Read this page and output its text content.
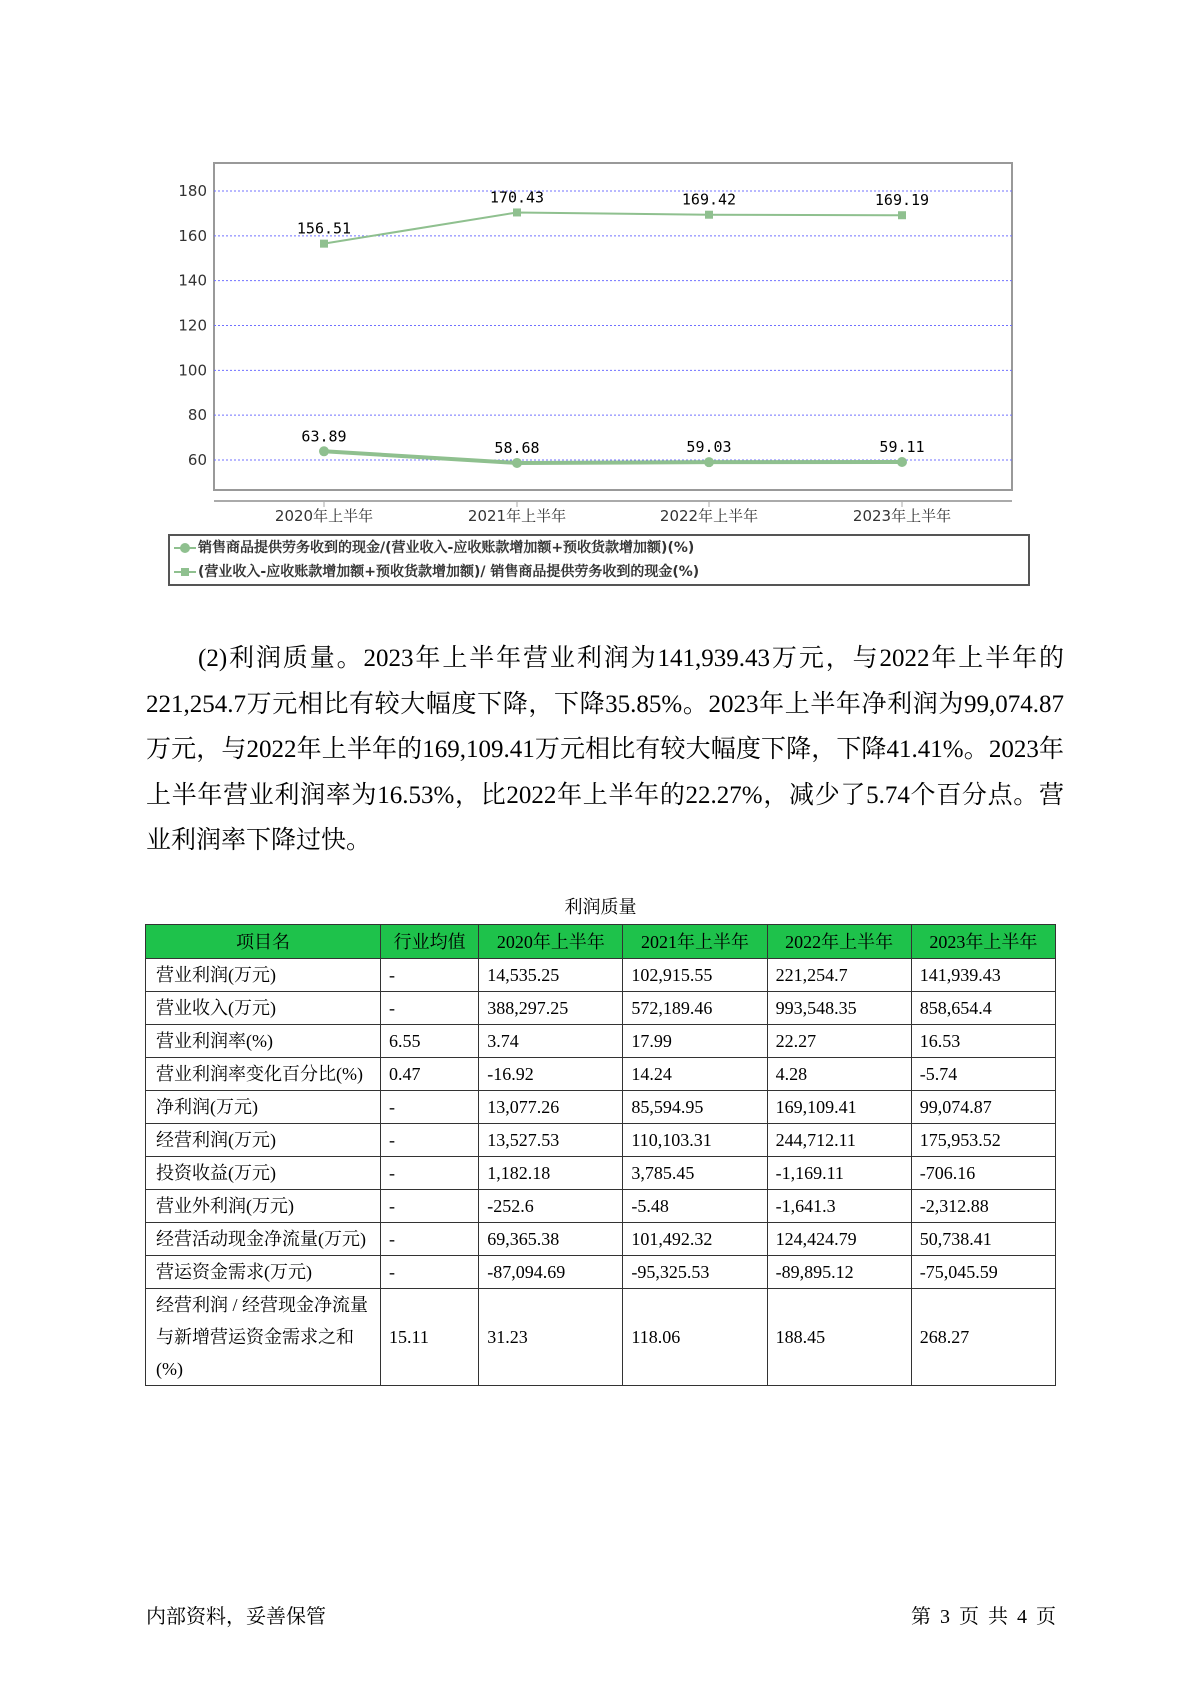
60
80
100
120
140
160
180
2020年上半年	2021年上半年	2022年上半年	2023年上半年
63.89
58.68	59.03	59.11
156.51
170.43	169.42	169.19
销售商品提供劳务收到的现金/(营业收入-应收账款增加额+预收货款增加额)(%)
(营业收入-应收账款增加额+预收货款增加额)/ 销售商品提供劳务收到的现金(%)
(2)利润质量。2023年上半年营业利润为141,939.43万元，与2022年上半年的221,254.7万元相比有较大幅度下降，下降35.85%。2023年上半年净利润为99,074.87万元，与2022年上半年的169,109.41万元相比有较大幅度下降，下降41.41%。2023年上半年营业利润率为16.53%，比2022年上半年的22.27%，减少了5.74个百分点。营业利润率下降过快。
利润质量
项目名	行业均值	2020年上半年	2021年上半年	2022年上半年	2023年上半年
营业利润(万元)	-	14,535.25	102,915.55	221,254.7	141,939.43
营业收入(万元)	-	388,297.25	572,189.46	993,548.35	858,654.4
营业利润率(%)	6.55	3.74	17.99	22.27	16.53
营业利润率变化百分比(%)	0.47	-16.92	14.24	4.28	-5.74
净利润(万元)	-	13,077.26	85,594.95	169,109.41	99,074.87
经营利润(万元)	-	13,527.53	110,103.31	244,712.11	175,953.52
投资收益(万元)	-	1,182.18	3,785.45	-1,169.11	-706.16
营业外利润(万元)	-	-252.6	-5.48	-1,641.3	-2,312.88
经营活动现金净流量(万元)	-	69,365.38	101,492.32	124,424.79	50,738.41
营运资金需求(万元)	-	-87,094.69	-95,325.53	-89,895.12	-75,045.59
经营利润 / 经营现金净流量与新增营运资金需求之和(%)	15.11	31.23	118.06	188.45	268.27
内部资料，妥善保管	第 3 页 共 4 页
